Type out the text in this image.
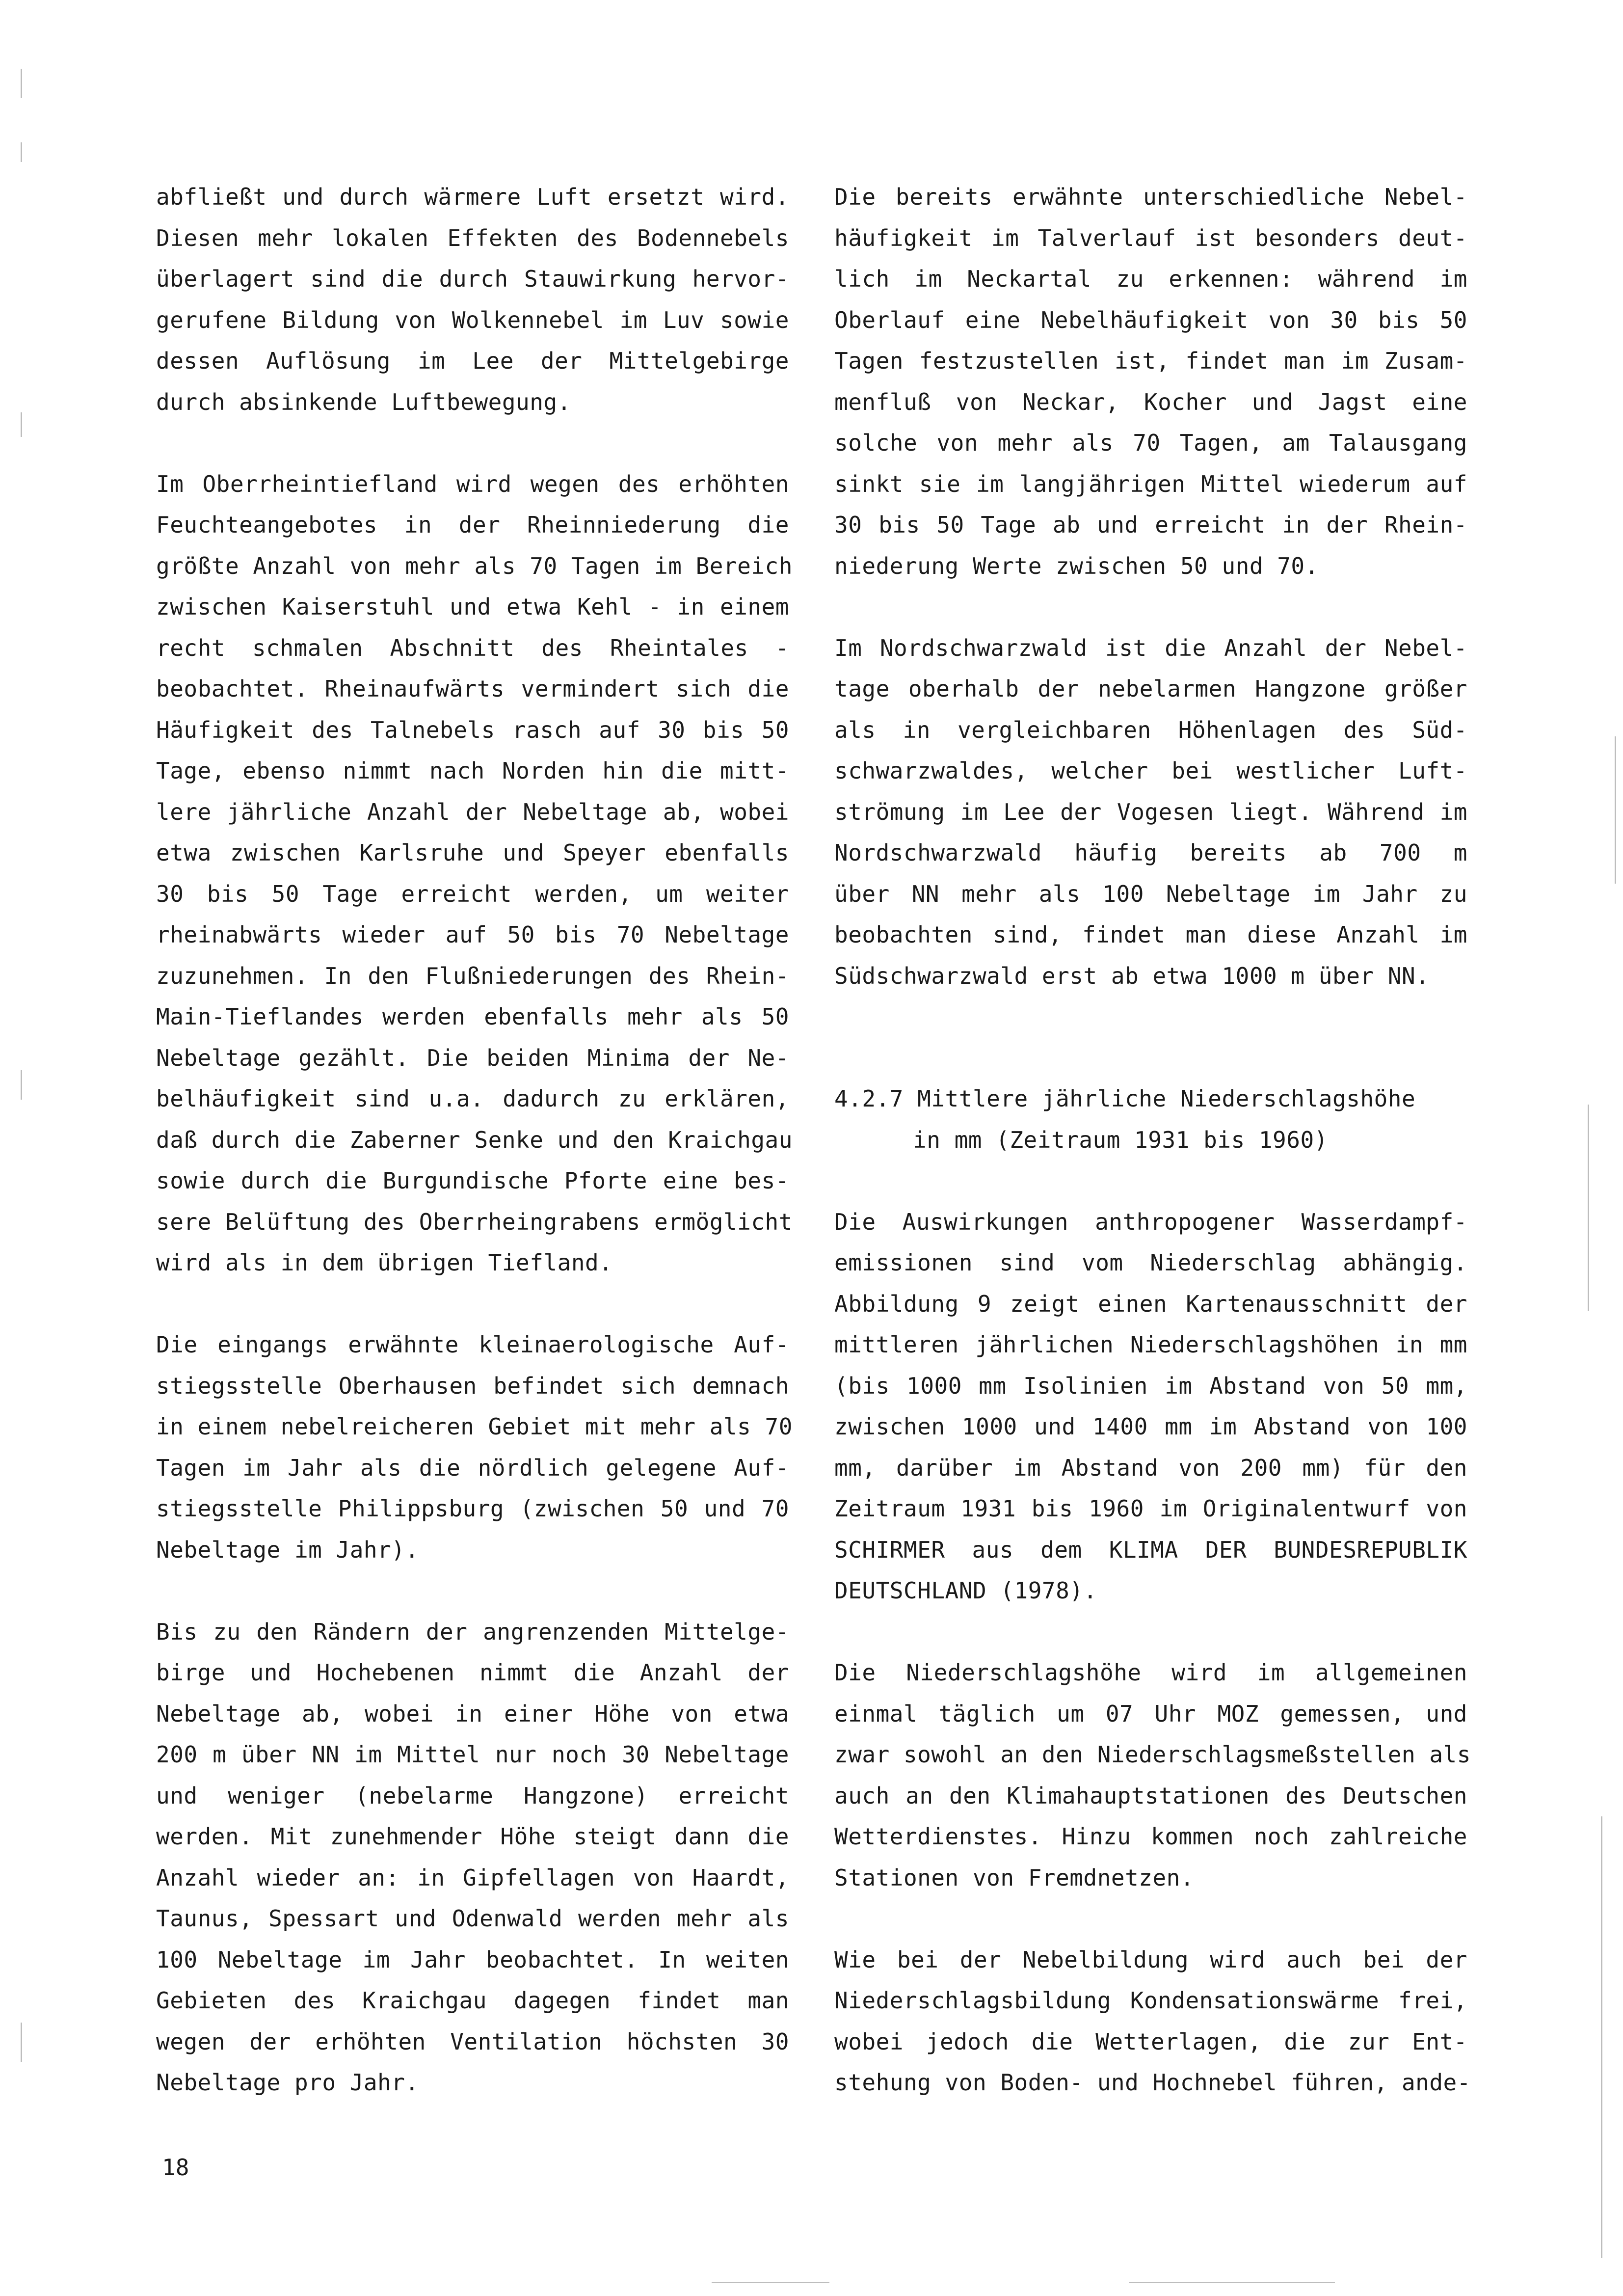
abfließt und durch wärmere Luft ersetzt wird.
Diesen mehr lokalen Effekten des Bodennebels
überlagert sind die durch Stauwirkung hervor-
gerufene Bildung von Wolkennebel im Luv sowie
dessen Auflösung im Lee der Mittelgebirge
durch absinkende Luftbewegung.
Im Oberrheintiefland wird wegen des erhöhten
Feuchteangebotes in der Rheinniederung die
größte Anzahl von mehr als 70 Tagen im Bereich
zwischen Kaiserstuhl und etwa Kehl - in einem
recht schmalen Abschnitt des Rheintales -
beobachtet. Rheinaufwärts vermindert sich die
Häufigkeit des Talnebels rasch auf 30 bis 50
Tage, ebenso nimmt nach Norden hin die mitt-
lere jährliche Anzahl der Nebeltage ab, wobei
etwa zwischen Karlsruhe und Speyer ebenfalls
30 bis 50 Tage erreicht werden, um weiter
rheinabwärts wieder auf 50 bis 70 Nebeltage
zuzunehmen. In den Flußniederungen des Rhein-
Main-Tieflandes werden ebenfalls mehr als 50
Nebeltage gezählt. Die beiden Minima der Ne-
belhäufigkeit sind u.a. dadurch zu erklären,
daß durch die Zaberner Senke und den Kraichgau
sowie durch die Burgundische Pforte eine bes-
sere Belüftung des Oberrheingrabens ermöglicht
wird als in dem übrigen Tiefland.
Die eingangs erwähnte kleinaerologische Auf-
stiegsstelle Oberhausen befindet sich demnach
in einem nebelreicheren Gebiet mit mehr als 70
Tagen im Jahr als die nördlich gelegene Auf-
stiegsstelle Philippsburg (zwischen 50 und 70
Nebeltage im Jahr).
Bis zu den Rändern der angrenzenden Mittelge-
birge und Hochebenen nimmt die Anzahl der
Nebeltage ab, wobei in einer Höhe von etwa
200 m über NN im Mittel nur noch 30 Nebeltage
und weniger (nebelarme Hangzone) erreicht
werden. Mit zunehmender Höhe steigt dann die
Anzahl wieder an: in Gipfellagen von Haardt,
Taunus, Spessart und Odenwald werden mehr als
100 Nebeltage im Jahr beobachtet. In weiten
Gebieten des Kraichgau dagegen findet man
wegen der erhöhten Ventilation höchsten 30
Nebeltage pro Jahr.
Die bereits erwähnte unterschiedliche Nebel-
häufigkeit im Talverlauf ist besonders deut-
lich im Neckartal zu erkennen: während im
Oberlauf eine Nebelhäufigkeit von 30 bis 50
Tagen festzustellen ist, findet man im Zusam-
menfluß von Neckar, Kocher und Jagst eine
solche von mehr als 70 Tagen, am Talausgang
sinkt sie im langjährigen Mittel wiederum auf
30 bis 50 Tage ab und erreicht in der Rhein-
niederung Werte zwischen 50 und 70.
Im Nordschwarzwald ist die Anzahl der Nebel-
tage oberhalb der nebelarmen Hangzone größer
als in vergleichbaren Höhenlagen des Süd-
schwarzwaldes, welcher bei westlicher Luft-
strömung im Lee der Vogesen liegt. Während im
Nordschwarzwald häufig bereits ab 700 m
über NN mehr als 100 Nebeltage im Jahr zu
beobachten sind, findet man diese Anzahl im
Südschwarzwald erst ab etwa 1000 m über NN.
4.2.7 Mittlere jährliche Niederschlagshöhe
in mm (Zeitraum 1931 bis 1960)
Die Auswirkungen anthropogener Wasserdampf-
emissionen sind vom Niederschlag abhängig.
Abbildung 9 zeigt einen Kartenausschnitt der
mittleren jährlichen Niederschlagshöhen in mm
(bis 1000 mm Isolinien im Abstand von 50 mm,
zwischen 1000 und 1400 mm im Abstand von 100
mm, darüber im Abstand von 200 mm) für den
Zeitraum 1931 bis 1960 im Originalentwurf von
SCHIRMER aus dem KLIMA DER BUNDESREPUBLIK
DEUTSCHLAND (1978).
Die Niederschlagshöhe wird im allgemeinen
einmal täglich um 07 Uhr MOZ gemessen, und
zwar sowohl an den Niederschlagsmeßstellen als
auch an den Klimahauptstationen des Deutschen
Wetterdienstes. Hinzu kommen noch zahlreiche
Stationen von Fremdnetzen.
Wie bei der Nebelbildung wird auch bei der
Niederschlagsbildung Kondensationswärme frei,
wobei jedoch die Wetterlagen, die zur Ent-
stehung von Boden- und Hochnebel führen, ande-
18
